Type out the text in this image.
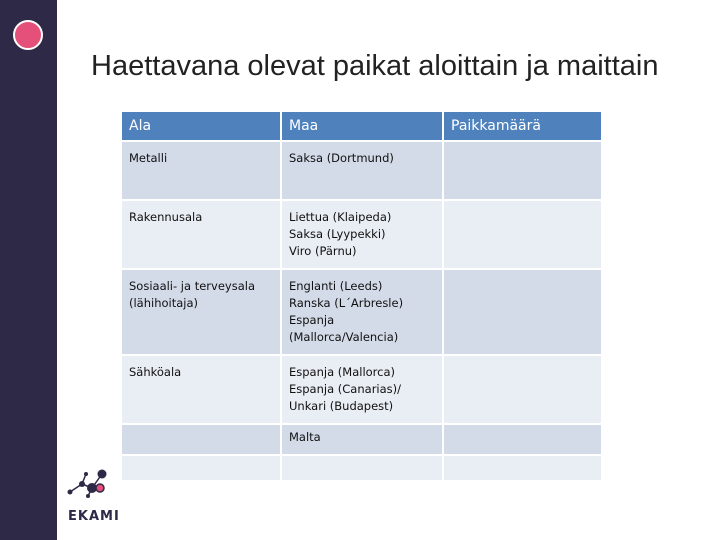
Haettavana olevat paikat aloittain ja maittain
Ala	Maa	Paikkamäärä
Metalli	Saksa (Dortmund)	
Rakennusala	Liettua (Klaipeda)
Saksa (Lyypekki)
Viro (Pärnu)	
Sosiaali- ja terveysala
(lähihoitaja)	Englanti (Leeds)
Ranska (L´Arbresle)
Espanja
(Mallorca/Valencia)	
Sähköala	Espanja (Mallorca)
Espanja (Canarias)/
Unkari (Budapest)	
	Malta	

EKAMI
